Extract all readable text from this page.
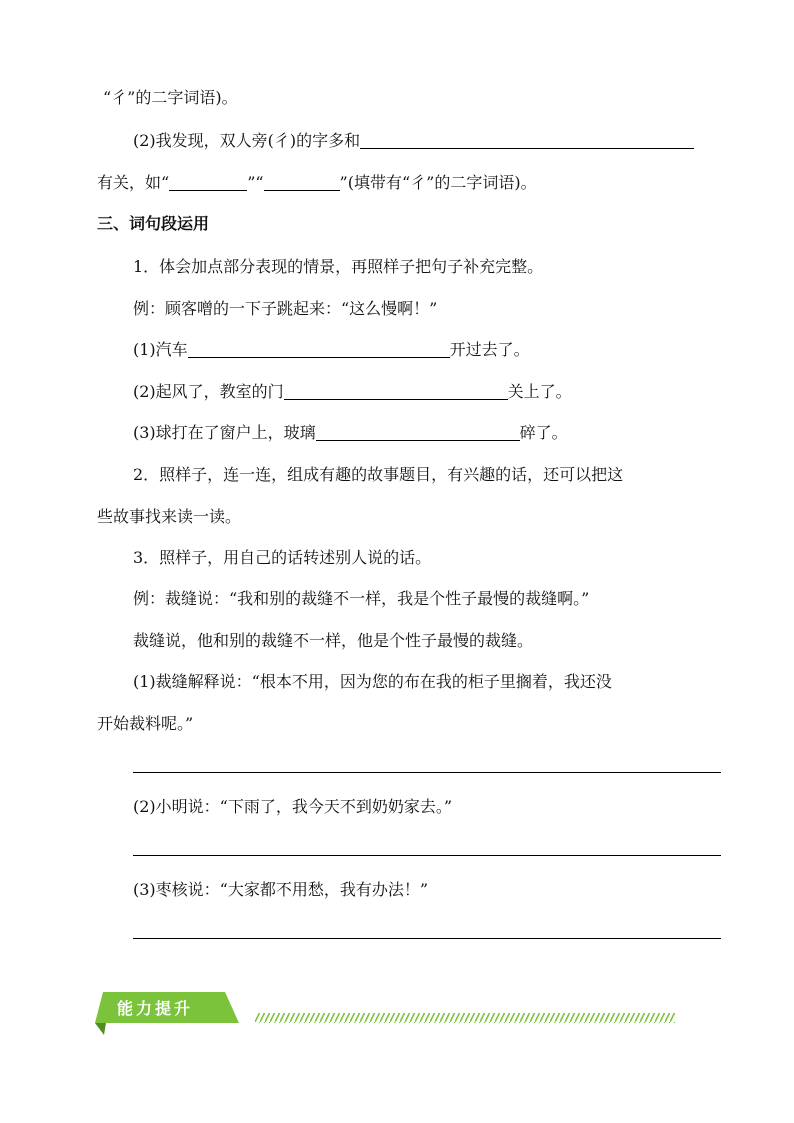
“彳”的二字词语)。
(2)我发现，双人旁(彳)的字多和
有关，如“	”“	”(填带有“彳”的二字词语)。
三、词句段运用
1．体会加点部分表现的情景，再照样子把句子补充完整。
例：顾客噌的一下子跳起来：“这么慢啊！”
(1)汽车	开过去了。
(2)起风了，教室的门	关上了。
(3)球打在了窗户上，玻璃	碎了。
2．照样子，连一连，组成有趣的故事题目，有兴趣的话，还可以把这
些故事找来读一读。
3．照样子，用自己的话转述别人说的话。
例：裁缝说：“我和别的裁缝不一样，我是个性子最慢的裁缝啊。”
裁缝说，他和别的裁缝不一样，他是个性子最慢的裁缝。
(1)裁缝解释说：“根本不用，因为您的布在我的柜子里搁着，我还没
开始裁料呢。”
(2)小明说：“下雨了，我今天不到奶奶家去。”
(3)枣核说：“大家都不用愁，我有办法！”
能力提升
